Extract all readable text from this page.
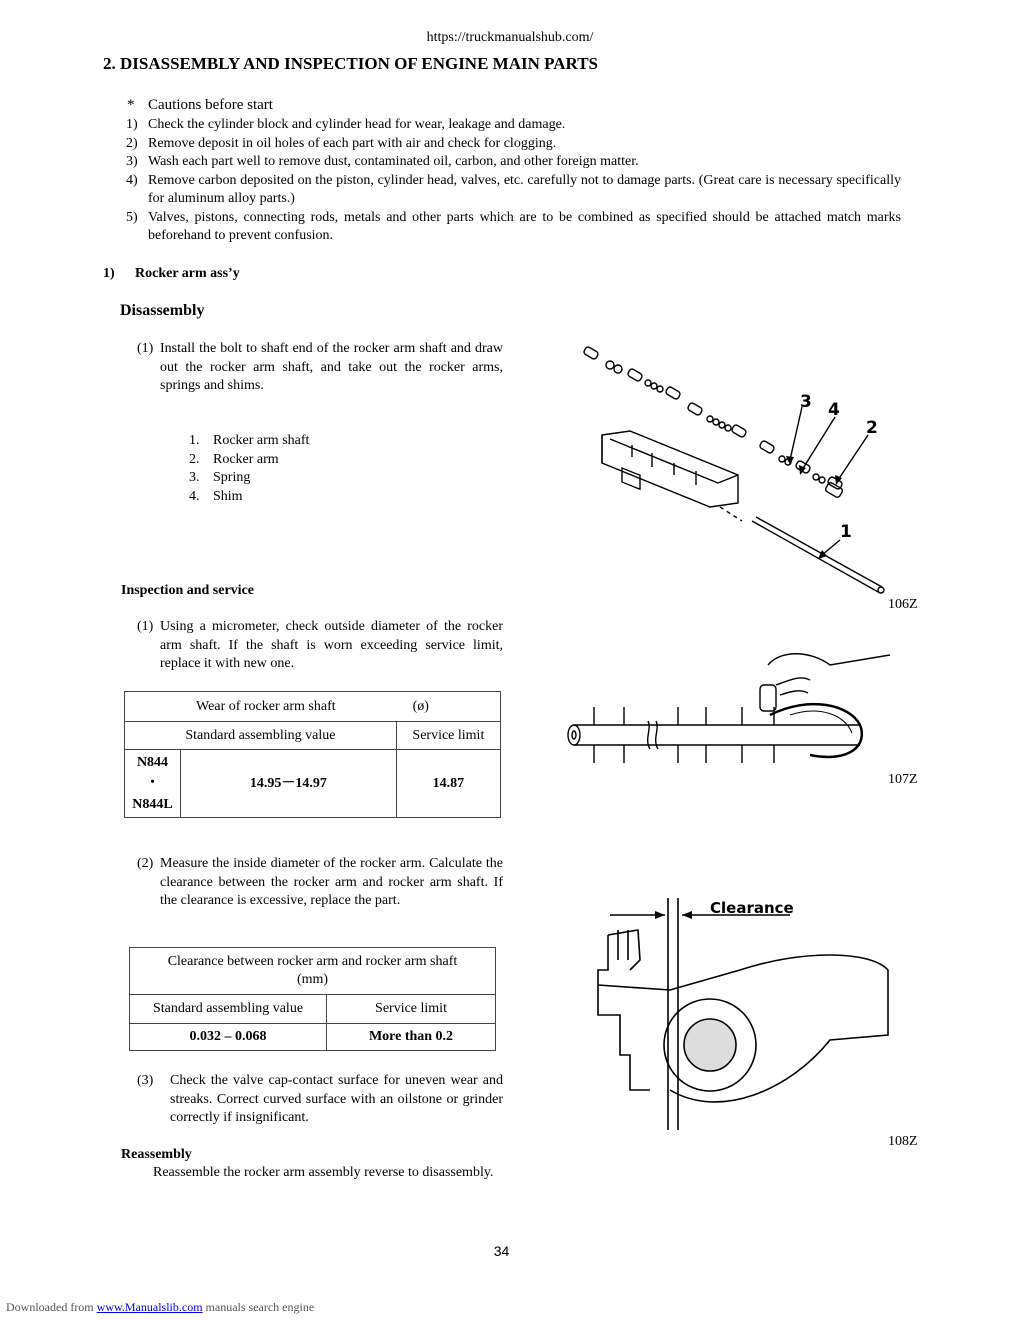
https://truckmanualshub.com/
2. DISASSEMBLY AND INSPECTION OF ENGINE MAIN PARTS
* Cautions before start
1) Check the cylinder block and cylinder head for wear, leakage and damage.
2) Remove deposit in oil holes of each part with air and check for clogging.
3) Wash each part well to remove dust, contaminated oil, carbon, and other foreign matter.
4) Remove carbon deposited on the piston, cylinder head, valves, etc. carefully not to damage parts. (Great care is necessary specifically for aluminum alloy parts.)
5) Valves, pistons, connecting rods, metals and other parts which are to be combined as specified should be attached match marks beforehand to prevent confusion.
1) Rocker arm ass’y
Disassembly
(1) Install the bolt to shaft end of the rocker arm shaft and draw out the rocker arm shaft, and take out the rocker arms, springs and shims.
1. Rocker arm shaft
2. Rocker arm
3. Spring
4. Shim
Inspection and service
(1) Using a micrometer, check outside diameter of the rocker arm shaft. If the shaft is worn exceeding service limit, replace it with new one.
Wear of rocker arm shaft (ø)		
Standard assembling value		Service limit

N844
・
N844L	14.95－14.97	14.87
(2) Measure the inside diameter of the rocker arm. Calculate the clearance between the rocker arm and rocker arm shaft. If the clearance is excessive, replace the part.
Clearance between rocker arm and rocker arm shaft
(mm)	

Standard assembling value	Service limit
0.032 – 0.068	More than 0.2
(3)	Check the valve cap-contact surface for uneven wear and streaks. Correct curved surface with an oilstone or grinder correctly if insignificant.
Reassembly
Reassemble the rocker arm assembly reverse to disassembly.
3 4
2
1
106Z
107Z
Clearance
108Z
34
Downloaded from www.Manualslib.com manuals search engine
